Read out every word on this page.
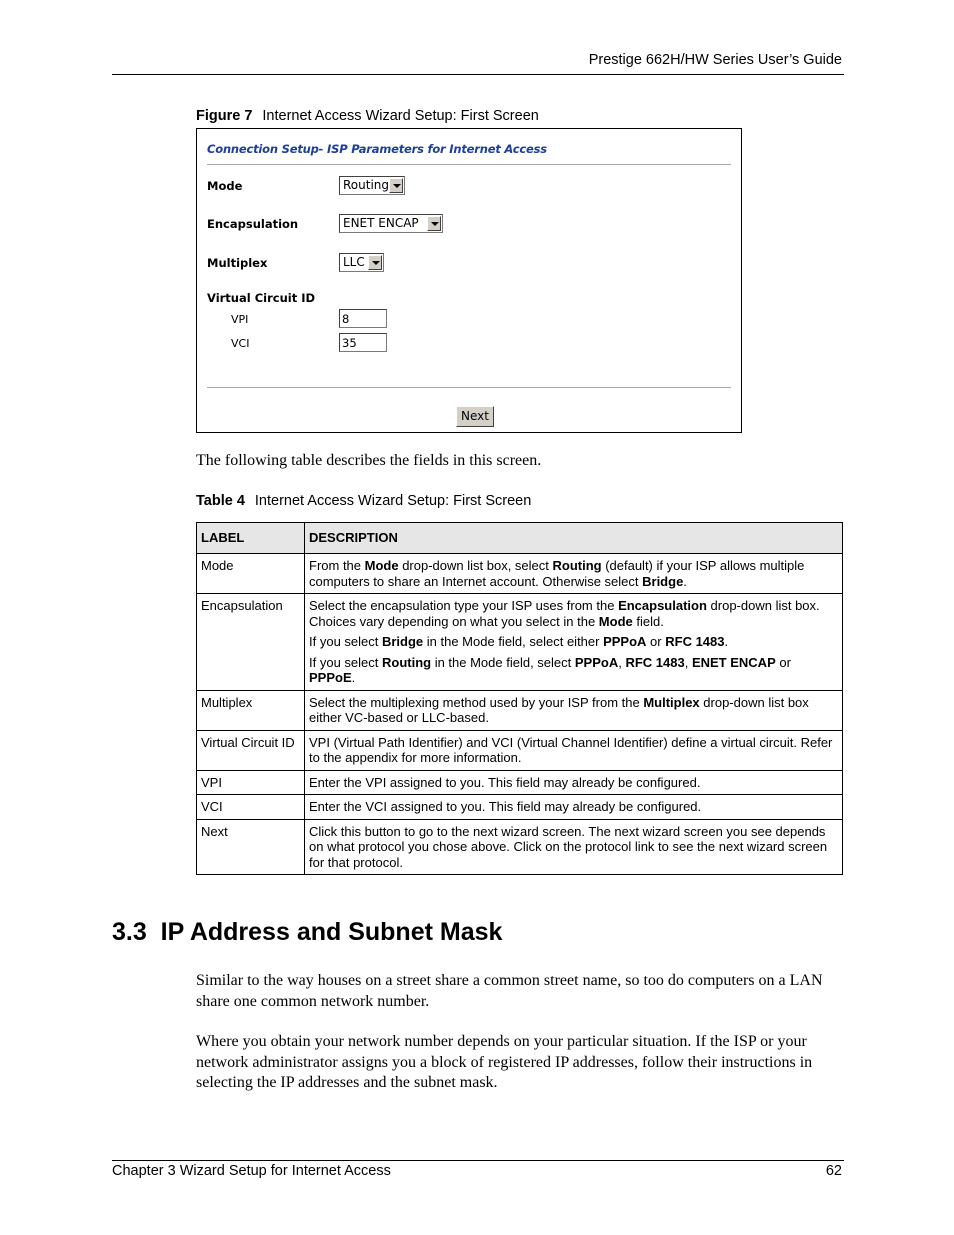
Prestige 662H/HW Series User’s Guide
Figure 7 Internet Access Wizard Setup: First Screen
Connection Setup- ISP Parameters for Internet Access
Mode	Routing
Encapsulation	ENET ENCAP
Multiplex	LLC
Virtual Circuit ID
VPI	8
VCI	35
Next
The following table describes the fields in this screen.
Table 4 Internet Access Wizard Setup: First Screen
LABEL	DESCRIPTION
Mode	From the Mode drop-down list box, select Routing (default) if your ISP allows multiple computers to share an Internet account. Otherwise select Bridge.

Encapsulation	Select the encapsulation type your ISP uses from the Encapsulation drop-down list box. Choices vary depending on what you select in the Mode field.

If you select Bridge in the Mode field, select either PPPoA or RFC 1483.

If you select Routing in the Mode field, select PPPoA, RFC 1483, ENET ENCAP or PPPoE.

Multiplex	Select the multiplexing method used by your ISP from the Multiplex drop-down list box either VC-based or LLC-based.

Virtual Circuit ID	VPI (Virtual Path Identifier) and VCI (Virtual Channel Identifier) define a virtual circuit. Refer to the appendix for more information.
VPI	Enter the VPI assigned to you. This field may already be configured.
VCI	Enter the VCI assigned to you. This field may already be configured.
Next	Click this button to go to the next wizard screen. The next wizard screen you see depends on what protocol you chose above. Click on the protocol link to see the next wizard screen for that protocol.
3.3  IP Address and Subnet Mask
Similar to the way houses on a street share a common street name, so too do computers on a LAN share one common network number.
Where you obtain your network number depends on your particular situation. If the ISP or your network administrator assigns you a block of registered IP addresses, follow their instructions in selecting the IP addresses and the subnet mask.
Chapter 3 Wizard Setup for Internet Access	62
